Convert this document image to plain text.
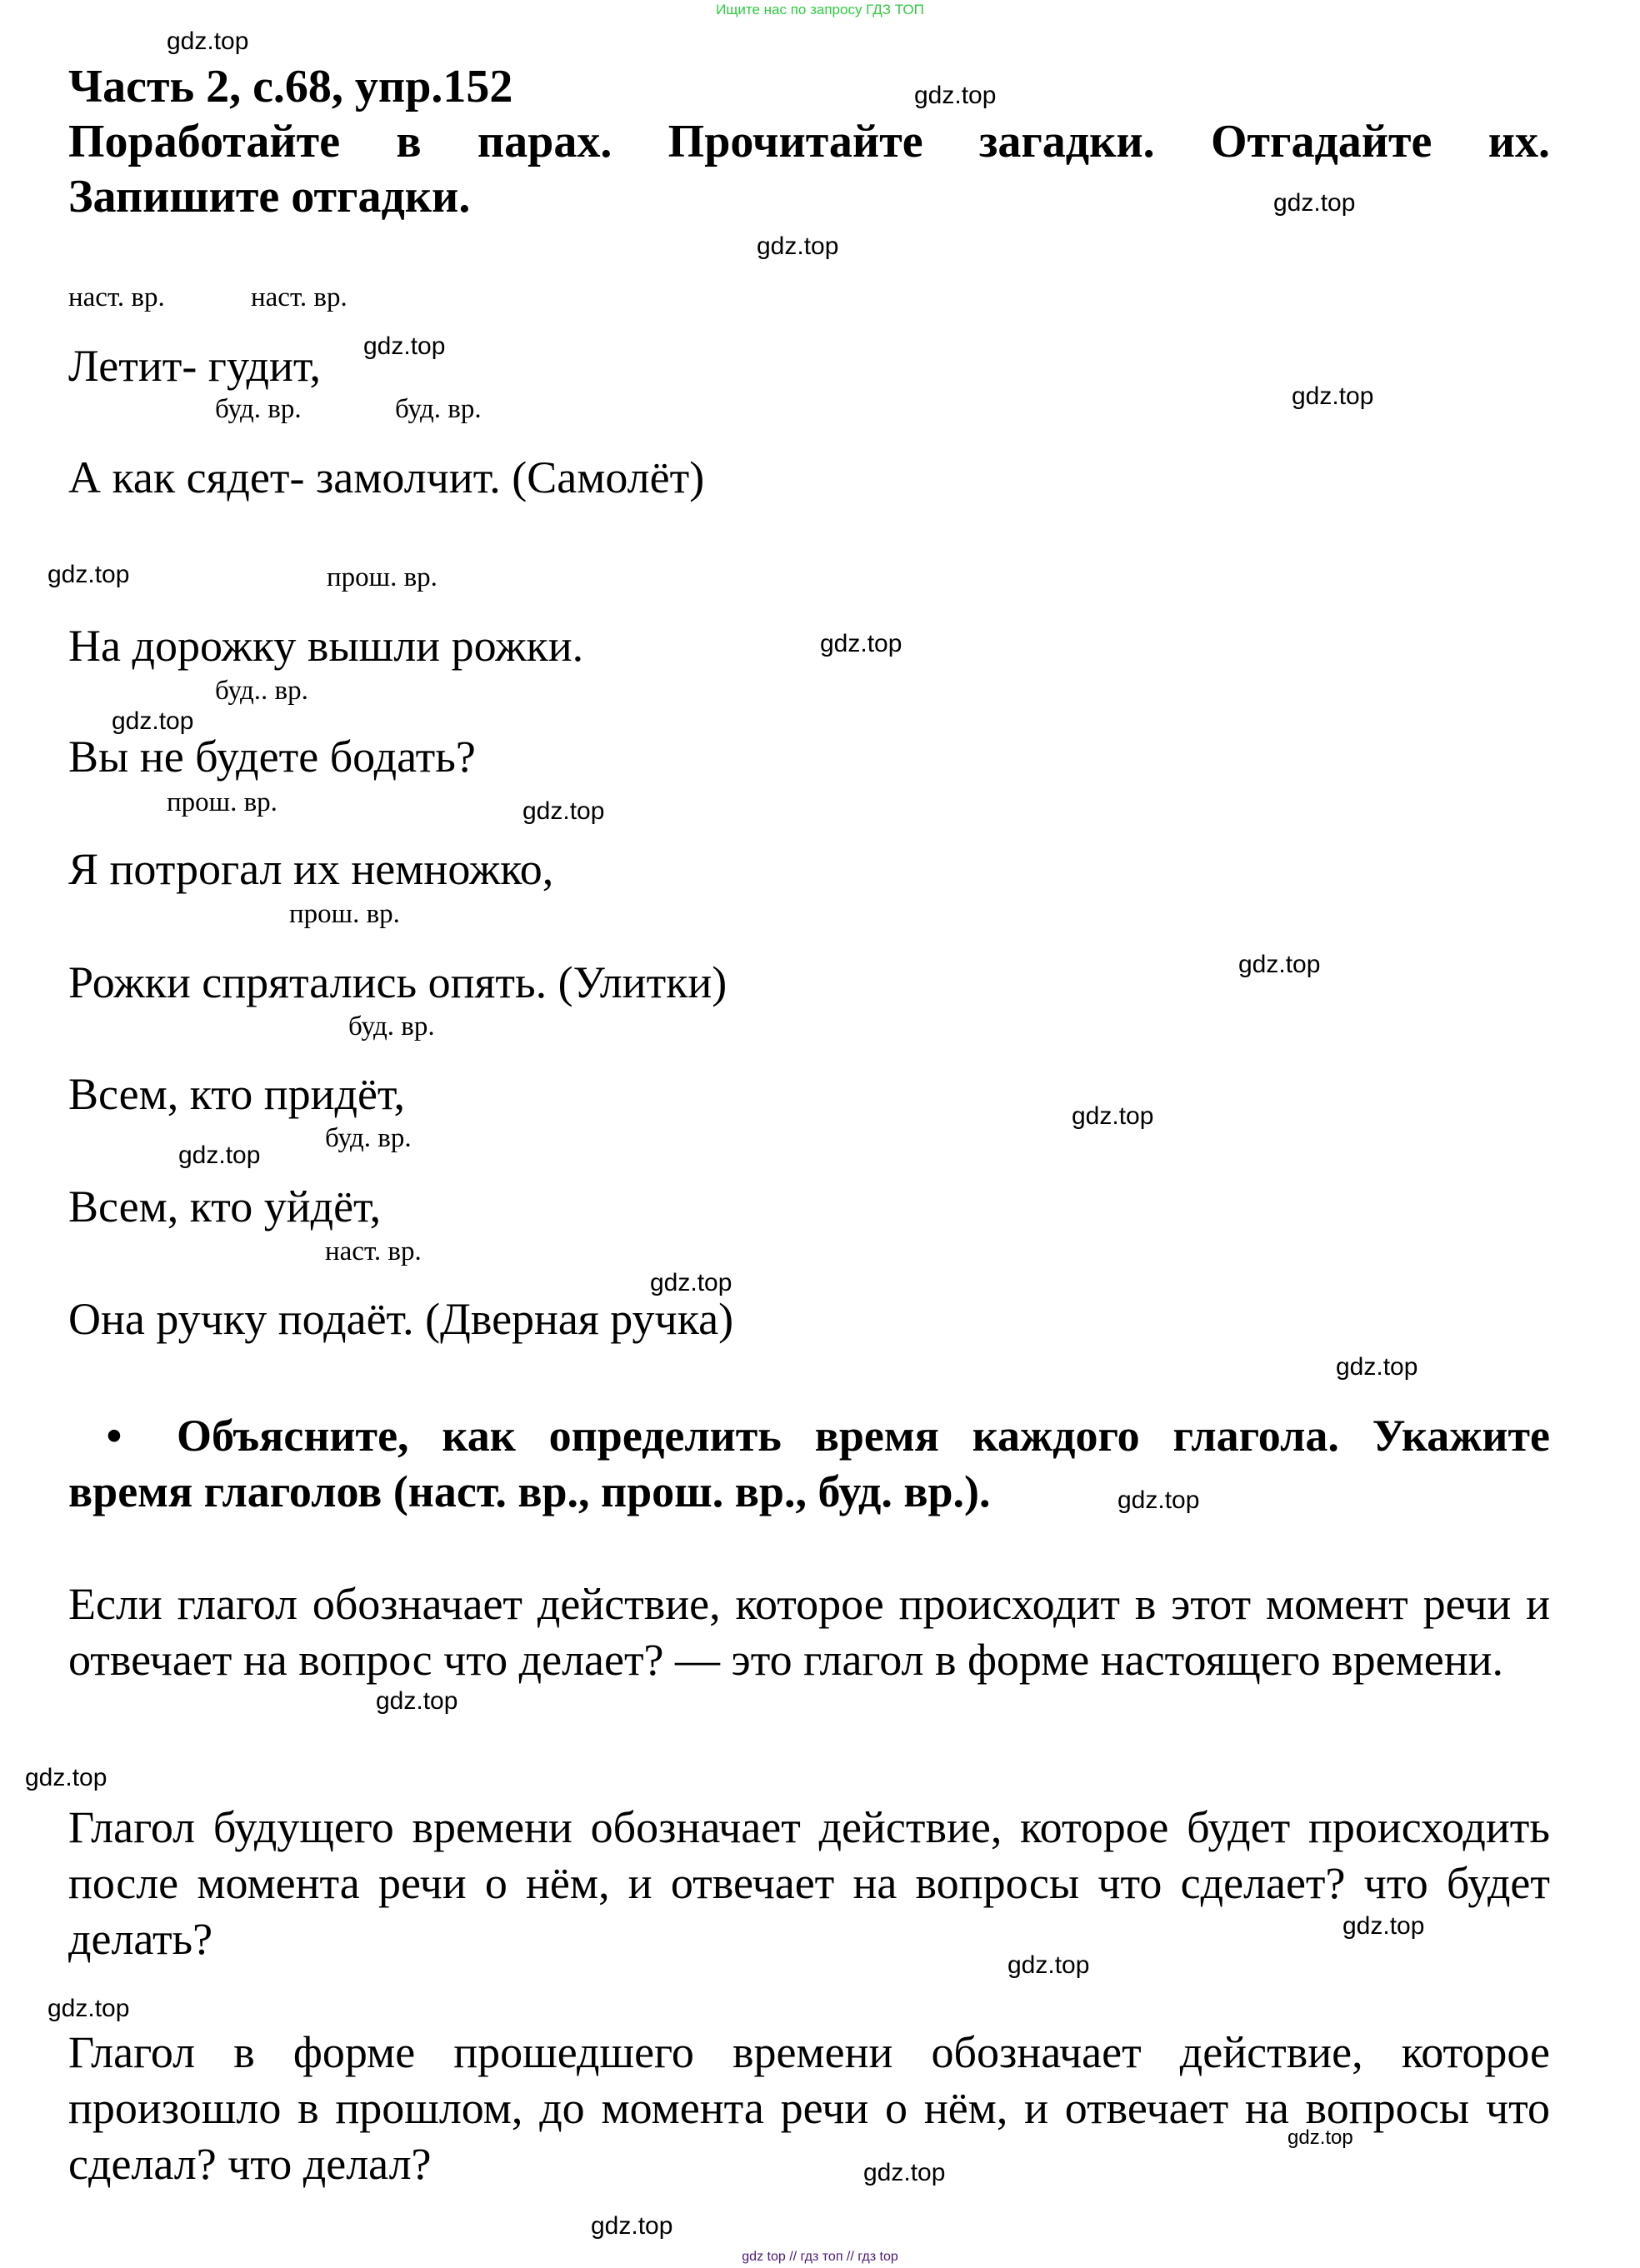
Ищите нас по запросу ГДЗ ТОП
Часть 2, с.68, упр.152
Поработайте в парах. Прочитайте загадки. Отгадайте их.
Запишите отгадки.
Летит- гудит,
А как сядет- замолчит. (Самолёт)
На дорожку вышли рожки.
Вы не будете бодать?
Я потрогал их немножко,
Рожки спрятались опять. (Улитки)
Всем, кто придёт,
Всем, кто уйдёт,
Она ручку подаёт. (Дверная ручка)
наст. вр.	наст. вр.
буд. вр.	буд. вр.
прош. вр.
буд.. вр.
прош. вр.
прош. вр.
буд. вр.
буд. вр.
наст. вр.
• Объясните, как определить время каждого глагола. Укажите время глаголов (наст. вр., прош. вр., буд. вр.).
Если глагол обозначает действие, которое происходит в этот момент речи и отвечает на вопрос что делает? — это глагол в форме настоящего времени.
Глагол будущего времени обозначает действие, которое будет происходить после момента речи о нём, и отвечает на вопросы что сделает? что будет делать?
Глагол в форме прошедшего времени обозначает действие, которое произошло в прошлом, до момента речи о нём, и отвечает на вопросы что сделал? что делал?
gdz.top
gdz.top
gdz.top
gdz.top
gdz.top
gdz.top
gdz.top
gdz.top
gdz.top
gdz.top
gdz.top
gdz.top
gdz.top
gdz.top
gdz.top
gdz.top
gdz.top
gdz.top
gdz.top
gdz.top
gdz.top
gdz.top
gdz.top
gdz.top
gdz top // гдз топ // гдз top
